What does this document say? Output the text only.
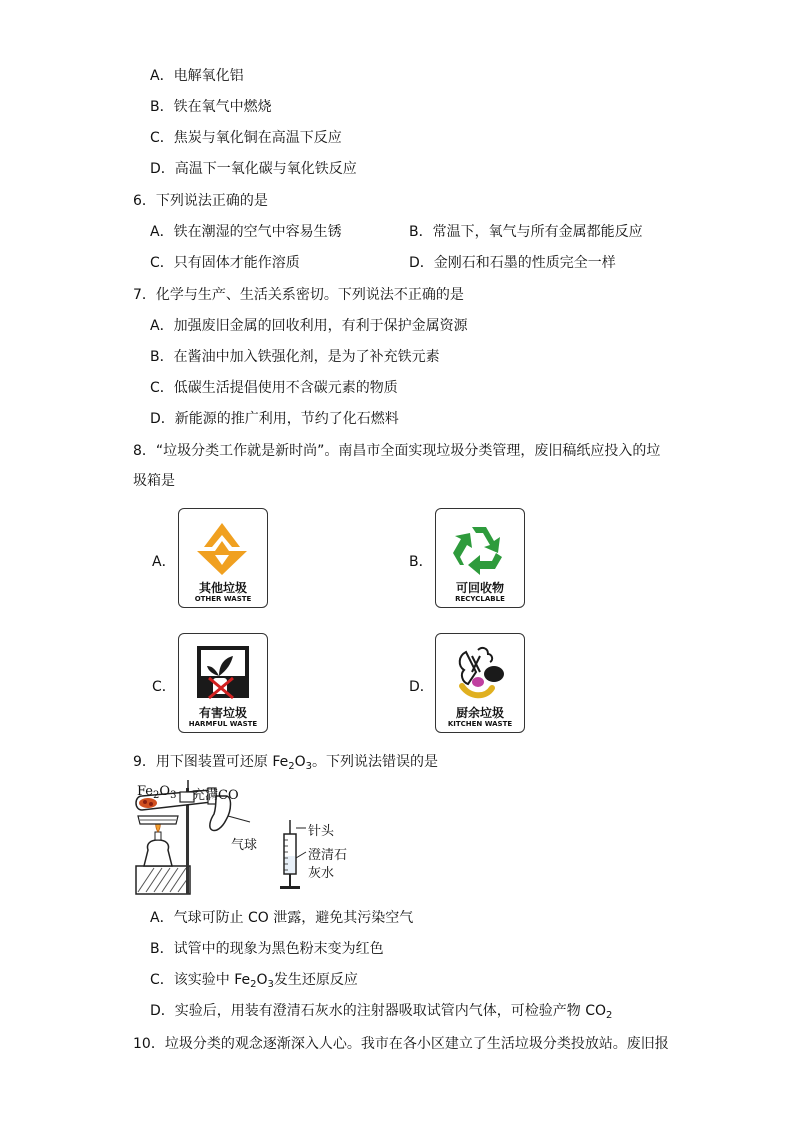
A．电解氧化铝
B．铁在氧气中燃烧
C．焦炭与氧化铜在高温下反应
D．高温下一氧化碳与氧化铁反应
6．下列说法正确的是
A．铁在潮湿的空气中容易生锈	B．常温下，氧气与所有金属都能反应
C．只有固体才能作溶质	D．金刚石和石墨的性质完全一样
7．化学与生产、生活关系密切。下列说法不正确的是
A．加强废旧金属的回收利用，有利于保护金属资源
B．在酱油中加入铁强化剂，是为了补充铁元素
C．低碳生活提倡使用不含碳元素的物质
D．新能源的推广利用，节约了化石燃料
8．“垃圾分类工作就是新时尚”。南昌市全面实现垃圾分类管理，废旧稿纸应投入的垃
圾箱是
A．
其他垃圾
OTHER WASTE
B．
可回收物
RECYCLABLE
C．
有害垃圾
HARMFUL WASTE
D．
厨余垃圾
KITCHEN WASTE
9．用下图装置可还原 $Fe_2O_3$。下列说法错误的是
$Fe_2O_3$ 充满CO
气球
针头
澄清石
灰水
A．气球可防止 CO 泄露，避免其污染空气
B．试管中的现象为黑色粉末变为红色
C．该实验中 $Fe_2O_3$发生还原反应
D．实验后，用装有澄清石灰水的注射器吸取试管内气体，可检验产物 $CO_2$
10．垃圾分类的观念逐渐深入人心。我市在各小区建立了生活垃圾分类投放站。废旧报
